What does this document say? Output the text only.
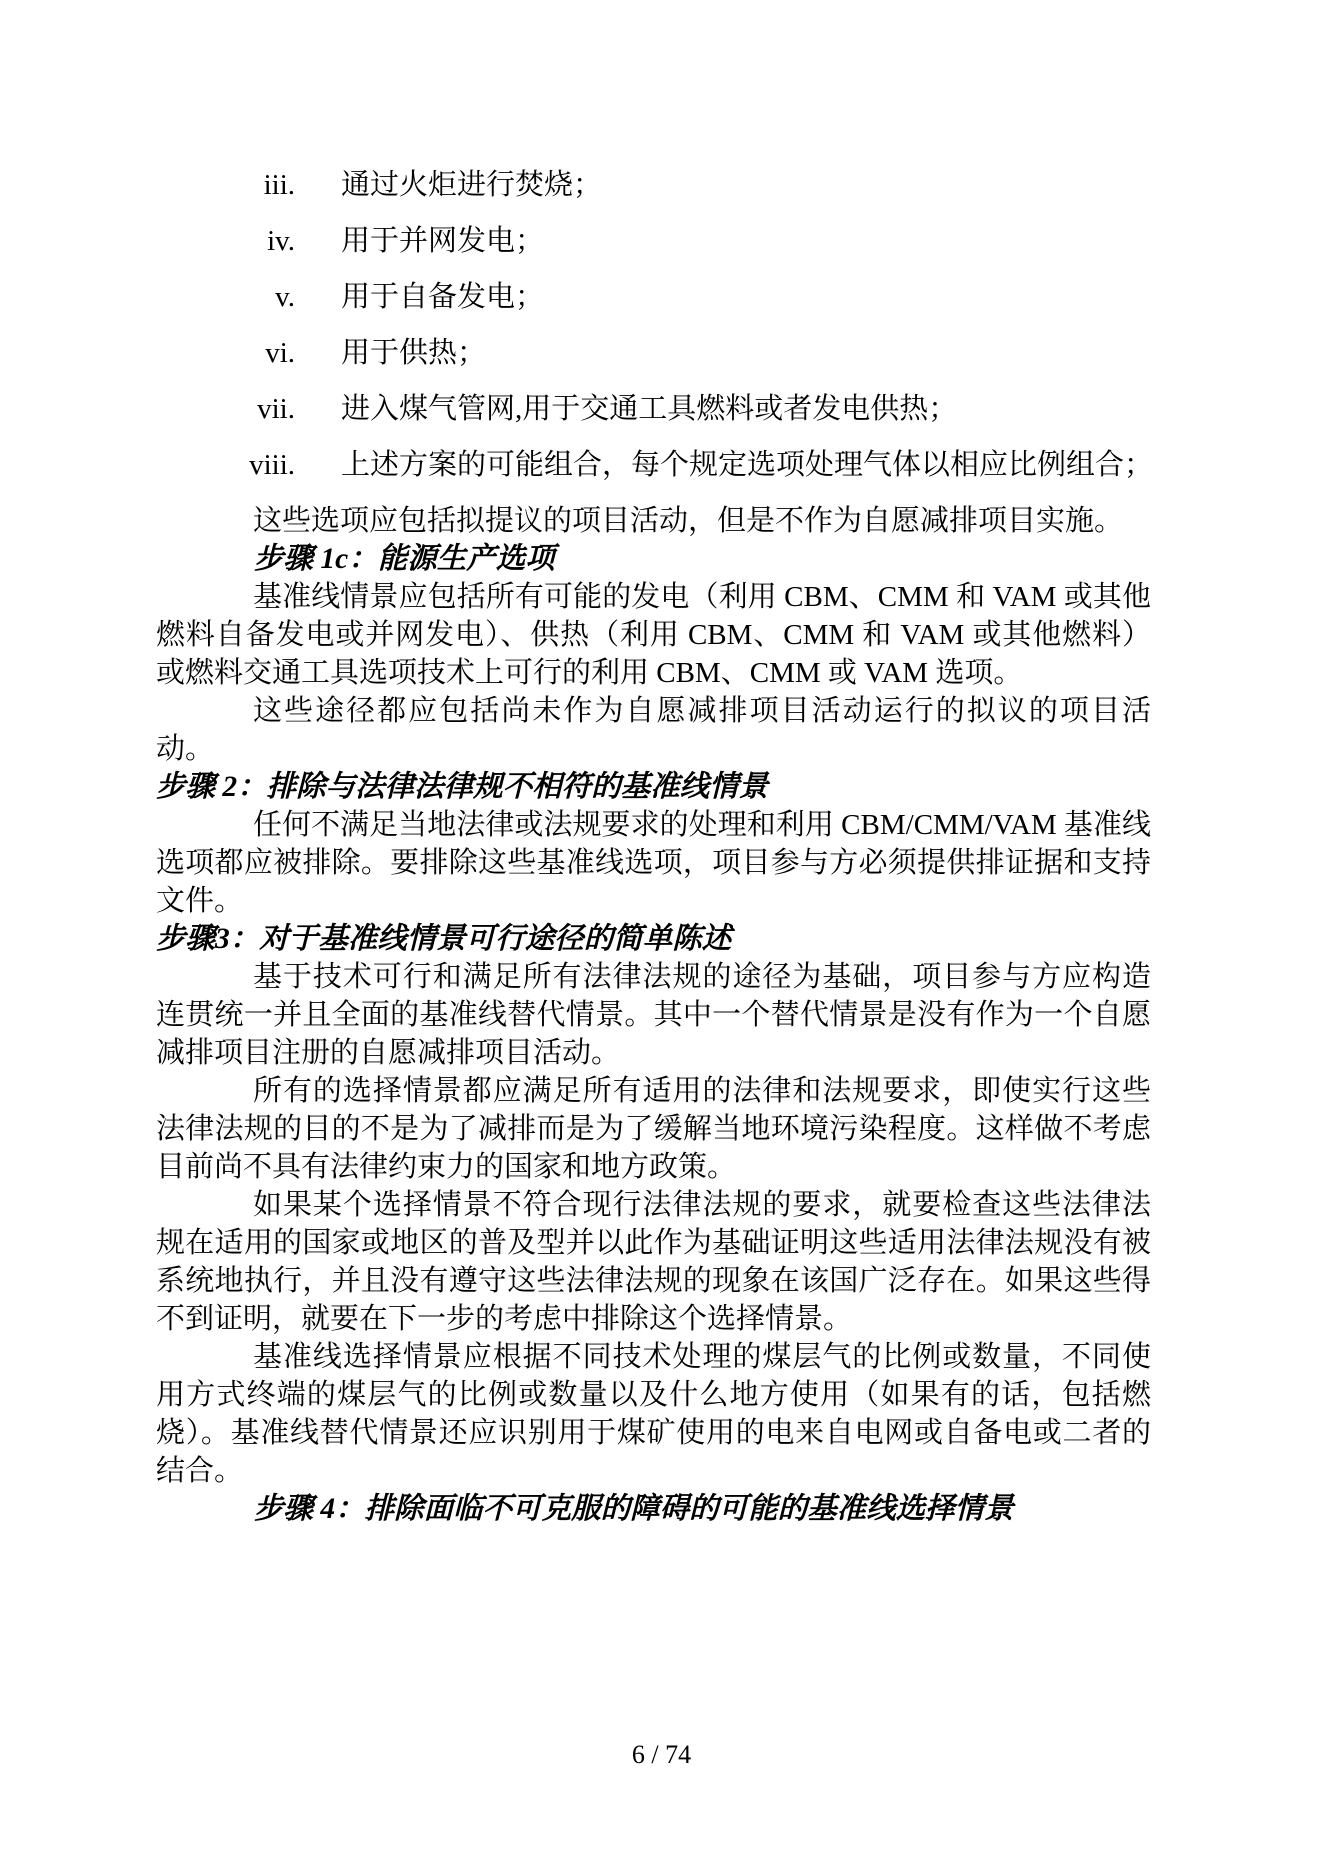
iii. 通过火炬进行焚烧；
iv. 用于并网发电；
v. 用于自备发电；
vi. 用于供热；
vii. 进入煤气管网,用于交通工具燃料或者发电供热；
viii. 上述方案的可能组合，每个规定选项处理气体以相应比例组合；

这些选项应包括拟提议的项目活动，但是不作为自愿减排项目实施。

步骤 1c：能源生产选项

基准线情景应包括所有可能的发电（利用 CBM、CMM 和 VAM 或其他燃料自备发电或并网发电）、供热（利用 CBM、CMM 和 VAM 或其他燃料）或燃料交通工具选项技术上可行的利用 CBM、CMM 或 VAM 选项。

这些途径都应包括尚未作为自愿减排项目活动运行的拟议的项目活动。

步骤 2：排除与法律法律规不相符的基准线情景

任何不满足当地法律或法规要求的处理和利用 CBM/CMM/VAM 基准线选项都应被排除。要排除这些基准线选项，项目参与方必须提供排证据和支持文件。

步骤3：对于基准线情景可行途径的简单陈述

基于技术可行和满足所有法律法规的途径为基础，项目参与方应构造连贯统一并且全面的基准线替代情景。其中一个替代情景是没有作为一个自愿减排项目注册的自愿减排项目活动。

所有的选择情景都应满足所有适用的法律和法规要求，即使实行这些法律法规的目的不是为了减排而是为了缓解当地环境污染程度。这样做不考虑目前尚不具有法律约束力的国家和地方政策。

如果某个选择情景不符合现行法律法规的要求，就要检查这些法律法规在适用的国家或地区的普及型并以此作为基础证明这些适用法律法规没有被系统地执行，并且没有遵守这些法律法规的现象在该国广泛存在。如果这些得不到证明，就要在下一步的考虑中排除这个选择情景。

基准线选择情景应根据不同技术处理的煤层气的比例或数量，不同使用方式终端的煤层气的比例或数量以及什么地方使用（如果有的话，包括燃烧）。基准线替代情景还应识别用于煤矿使用的电来自电网或自备电或二者的结合。

步骤 4：排除面临不可克服的障碍的可能的基准线选择情景
6 / 74
